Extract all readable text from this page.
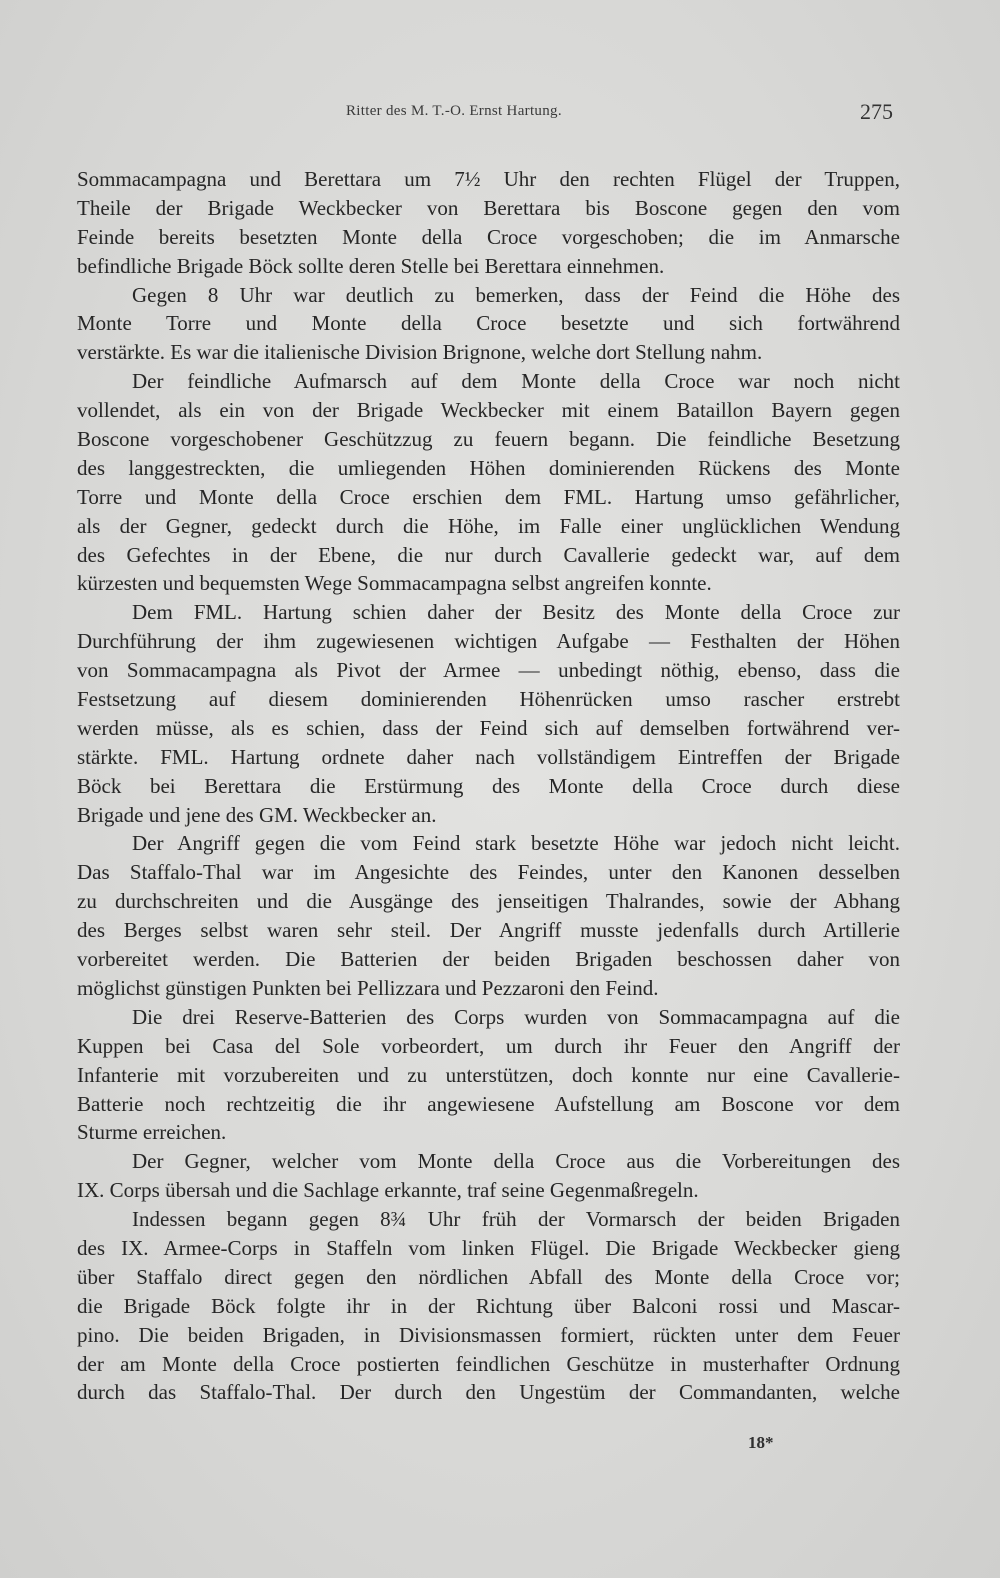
Ritter des M. T.-O. Ernst Hartung.	275
Sommacampagna und Berettara um 7½ Uhr den rechten Flügel der Truppen,
Theile der Brigade Weckbecker von Berettara bis Boscone gegen den vom
Feinde bereits besetzten Monte della Croce vorgeschoben; die im Anmarsche
befindliche Brigade Böck sollte deren Stelle bei Berettara einnehmen.
Gegen 8 Uhr war deutlich zu bemerken, dass der Feind die Höhe des
Monte Torre und Monte della Croce besetzte und sich fortwährend
verstärkte. Es war die italienische Division Brignone, welche dort Stellung nahm.
Der feindliche Aufmarsch auf dem Monte della Croce war noch nicht
vollendet, als ein von der Brigade Weckbecker mit einem Bataillon Bayern gegen
Boscone vorgeschobener Geschützzug zu feuern begann. Die feindliche Besetzung
des langgestreckten, die umliegenden Höhen dominierenden Rückens des Monte
Torre und Monte della Croce erschien dem FML. Hartung umso gefährlicher,
als der Gegner, gedeckt durch die Höhe, im Falle einer unglücklichen Wendung
des Gefechtes in der Ebene, die nur durch Cavallerie gedeckt war, auf dem
kürzesten und bequemsten Wege Sommacampagna selbst angreifen konnte.
Dem FML. Hartung schien daher der Besitz des Monte della Croce zur
Durchführung der ihm zugewiesenen wichtigen Aufgabe — Festhalten der Höhen
von Sommacampagna als Pivot der Armee — unbedingt nöthig, ebenso, dass die
Festsetzung auf diesem dominierenden Höhenrücken umso rascher erstrebt
werden müsse, als es schien, dass der Feind sich auf demselben fortwährend ver-
stärkte. FML. Hartung ordnete daher nach vollständigem Eintreffen der Brigade
Böck bei Berettara die Erstürmung des Monte della Croce durch diese
Brigade und jene des GM. Weckbecker an.
Der Angriff gegen die vom Feind stark besetzte Höhe war jedoch nicht leicht.
Das Staffalo-Thal war im Angesichte des Feindes, unter den Kanonen desselben
zu durchschreiten und die Ausgänge des jenseitigen Thalrandes, sowie der Abhang
des Berges selbst waren sehr steil. Der Angriff musste jedenfalls durch Artillerie
vorbereitet werden. Die Batterien der beiden Brigaden beschossen daher von
möglichst günstigen Punkten bei Pellizzara und Pezzaroni den Feind.
Die drei Reserve-Batterien des Corps wurden von Sommacampagna auf die
Kuppen bei Casa del Sole vorbeordert, um durch ihr Feuer den Angriff der
Infanterie mit vorzubereiten und zu unterstützen, doch konnte nur eine Cavallerie-
Batterie noch rechtzeitig die ihr angewiesene Aufstellung am Boscone vor dem
Sturme erreichen.
Der Gegner, welcher vom Monte della Croce aus die Vorbereitungen des
IX. Corps übersah und die Sachlage erkannte, traf seine Gegenmaßregeln.
Indessen begann gegen 8¾ Uhr früh der Vormarsch der beiden Brigaden
des IX. Armee-Corps in Staffeln vom linken Flügel. Die Brigade Weckbecker gieng
über Staffalo direct gegen den nördlichen Abfall des Monte della Croce vor;
die Brigade Böck folgte ihr in der Richtung über Balconi rossi und Mascar-
pino. Die beiden Brigaden, in Divisionsmassen formiert, rückten unter dem Feuer
der am Monte della Croce postierten feindlichen Geschütze in musterhafter Ordnung
durch das Staffalo-Thal. Der durch den Ungestüm der Commandanten, welche
18*
